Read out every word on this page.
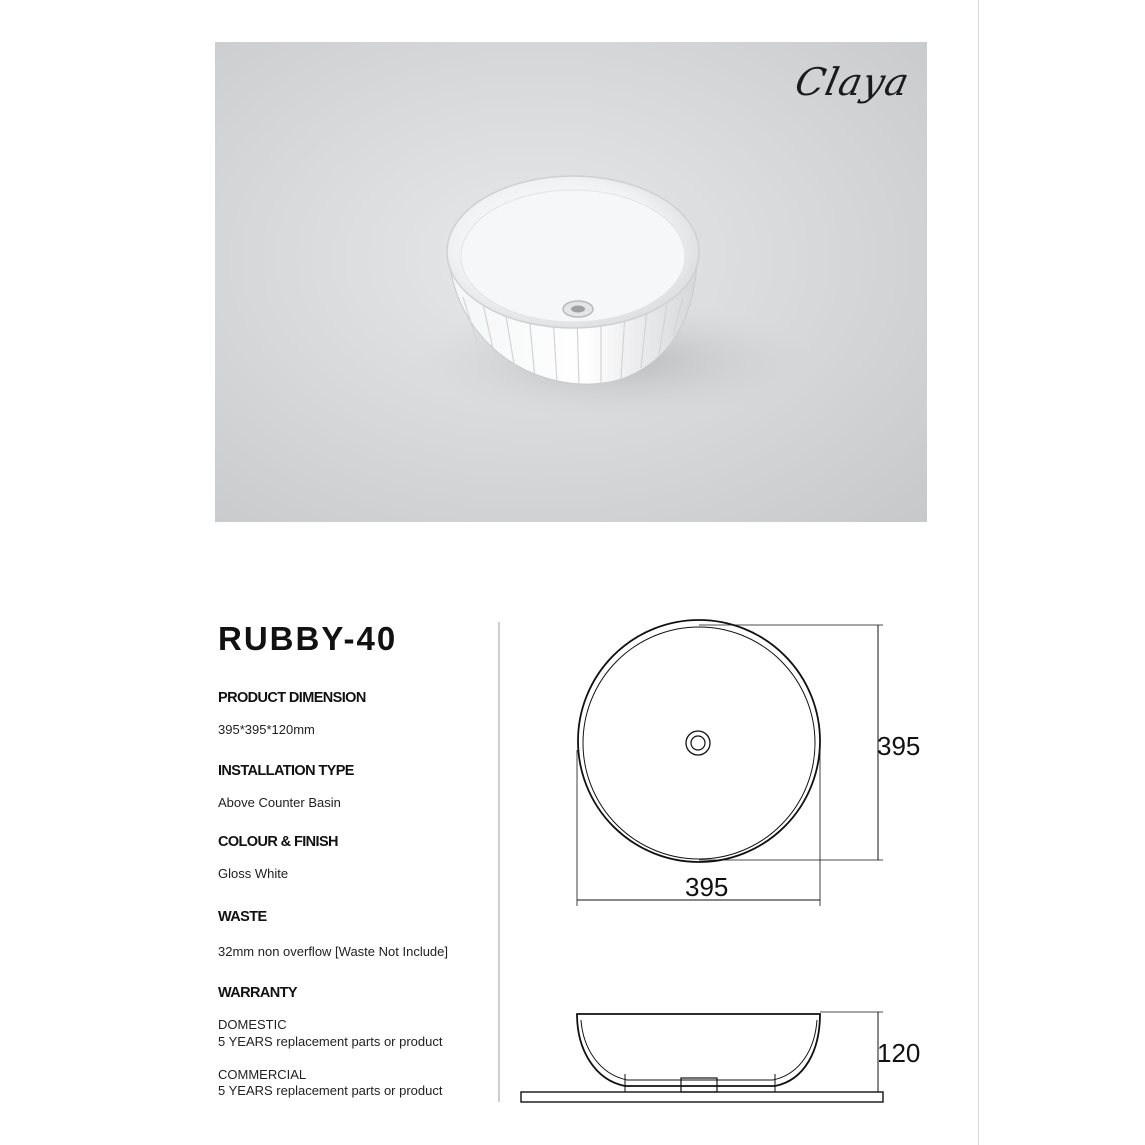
Claya
RUBBY-40
PRODUCT DIMENSION
395*395*120mm
INSTALLATION TYPE
Above Counter Basin
COLOUR & FINISH
Gloss White
WASTE
32mm non overflow [Waste Not Include]
WARRANTY
DOMESTIC
5 YEARS replacement parts or product
COMMERCIAL
5 YEARS replacement parts or product
395
395
120
